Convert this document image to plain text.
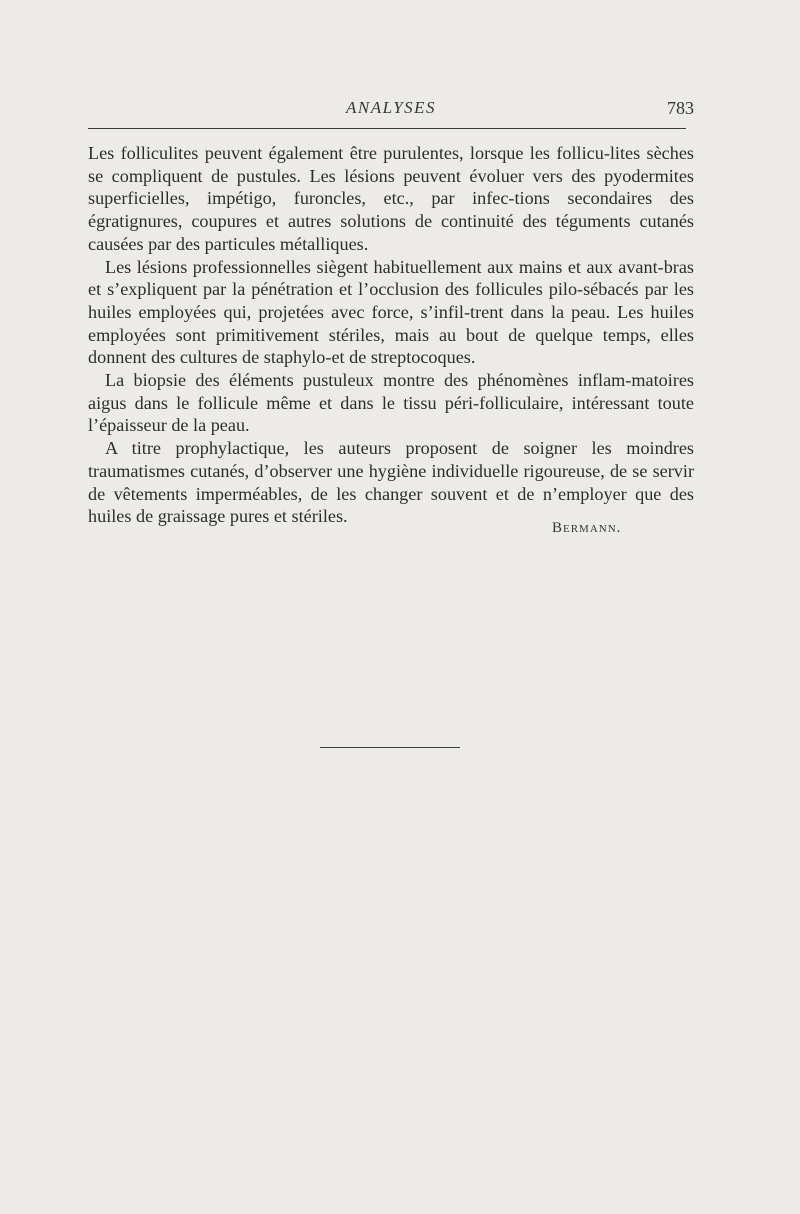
ANALYSES	783

Les folliculites peuvent également être purulentes, lorsque les follicu-lites sèches se compliquent de pustules. Les lésions peuvent évoluer vers des pyodermites superficielles, impétigo, furoncles, etc., par infec-tions secondaires des égratignures, coupures et autres solutions de continuité des téguments cutanés causées par des particules métalliques.

Les lésions professionnelles siègent habituellement aux mains et aux avant-bras et s’expliquent par la pénétration et l’occlusion des follicules pilo-sébacés par les huiles employées qui, projetées avec force, s’infil-trent dans la peau. Les huiles employées sont primitivement stériles, mais au bout de quelque temps, elles donnent des cultures de staphylo-et de streptocoques.

La biopsie des éléments pustuleux montre des phénomènes inflam-matoires aigus dans le follicule même et dans le tissu péri-folliculaire, intéressant toute l’épaisseur de la peau.

A titre prophylactique, les auteurs proposent de soigner les moindres traumatismes cutanés, d’observer une hygiène individuelle rigoureuse, de se servir de vêtements imperméables, de les changer souvent et de n’employer que des huiles de graissage pures et stériles.

Bermann.
